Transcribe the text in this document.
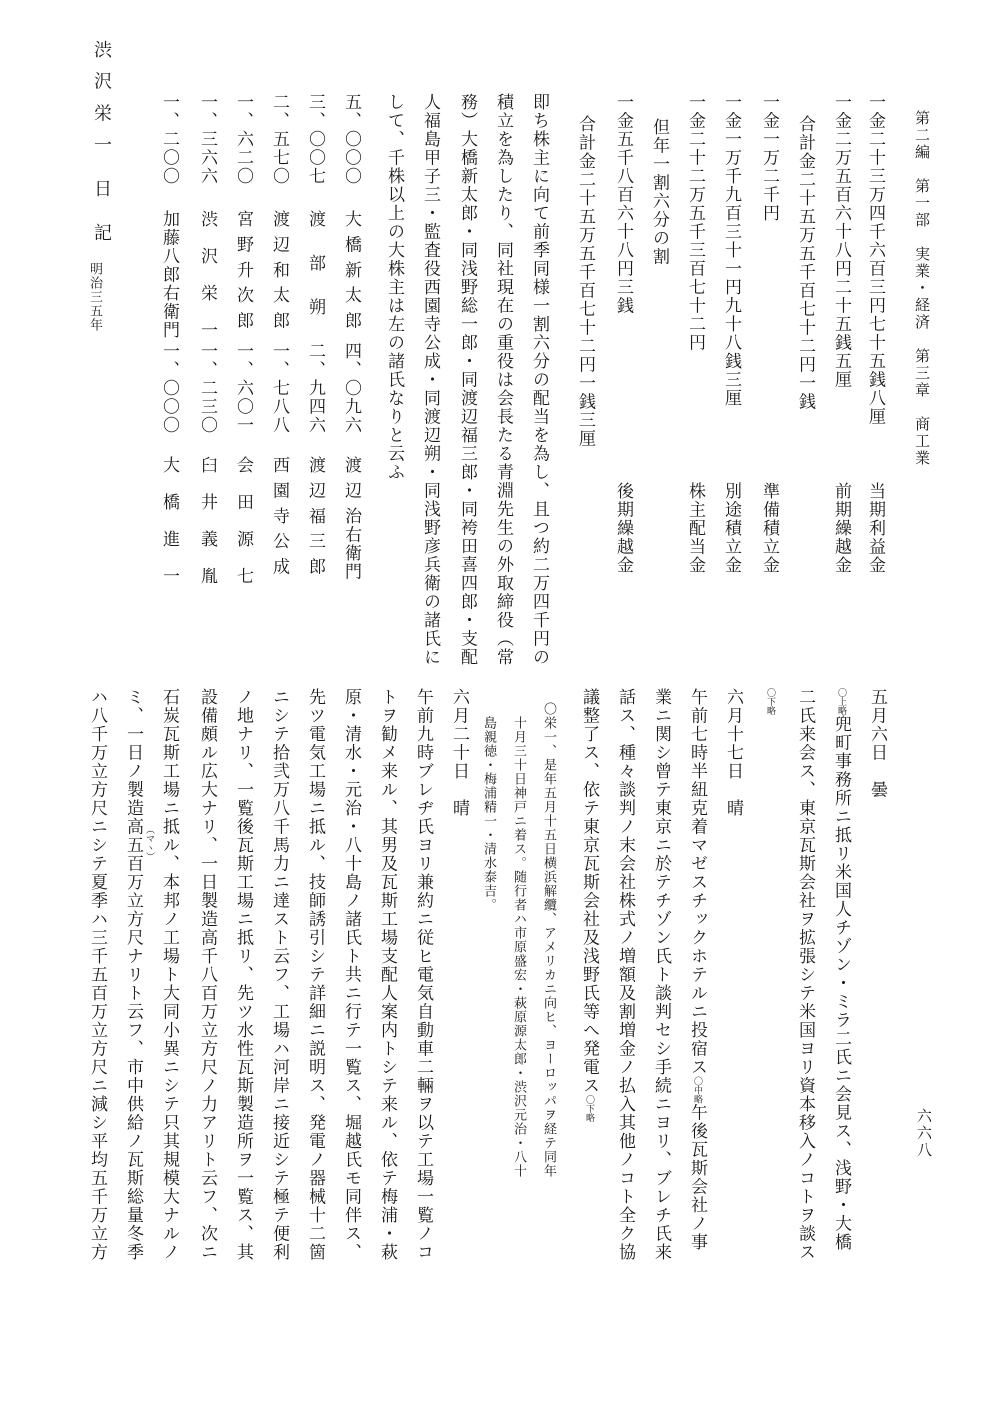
第二編　第一部　実業・経済　第三章　商工業
六六八
一金二十三万四千六百三円七十五銭八厘
当期利益金
一金二万五百六十八円二十五銭五厘
前期繰越金
合計金二十五万五千百七十二円一銭
一金一万二千円
準備積立金
一金一万千九百三十一円九十八銭三厘
別途積立金
一金二十二万五千三百七十二円
株主配当金
但年一割六分の割
一金五千八百六十八円三銭
後期繰越金
合計金二十五万五千百七十二円一銭三厘
即ち株主に向て前季同様一割六分の配当を為し、且つ約二万四千円の
積立を為したり、同社現在の重役は会長たる青淵先生の外取締役（常
務）大橋新太郎・同浅野総一郎・同渡辺福三郎・同袴田喜四郎・支配
人福島甲子三・監査役西園寺公成・同渡辺朔・同浅野彦兵衛の諸氏に
して、千株以上の大株主は左の諸氏なりと云ふ
五、〇〇〇
大 橋 新 太 郎
四、〇九六
渡 辺 治右衛門
三、〇〇七
渡　 部　 朔
二、九四六
渡 辺 福 三 郎
二、五七〇
渡 辺 和 太 郎
一、七八八
西 園 寺 公 成
一、六二〇
宮 野 升 次 郎
一、六〇一
会　田　源　七
一、三六六
渋　沢　栄　一
一、二三〇
臼　井　義　胤
一、二〇〇
加藤八郎右衛門
一、〇〇〇
大　橋　進　一
渋 沢 栄 一　日　記
明治三五年
五月六日　曇
〇上略兜町事務所ニ抵リ米国人チゾン・ミラ二氏ニ会見ス、浅野・大橋
二氏来会ス、東京瓦斯会社ヲ拡張シテ米国ヨリ資本移入ノコトヲ談ス
〇下略
六月十七日　晴
午前七時半紐克着マゼスチックホテルニ投宿ス〇中略午後瓦斯会社ノ事
業ニ関シ曾テ東京ニ於テチゾン氏ト談判セシ手続ニヨリ、ブレチ氏来
話ス、種々談判ノ末会社株式ノ増額及割増金ノ払入其他ノコト全ク協
議整了ス、依テ東京瓦斯会社及浅野氏等へ発電ス〇下略
〇栄一、是年五月十五日横浜解纜、アメリカニ向ヒ、ヨーロッパヲ経テ同年
十月三十日神戸ニ着ス。随行者ハ市原盛宏・萩原源太郎・渋沢元治・八十
島親徳・梅浦精一・清水泰吉。
六月二十日　晴
午前九時ブレヂ氏ヨリ兼約ニ従ヒ電気自動車二輛ヲ以テ工場一覧ノコ
トヲ勧メ来ル、其男及瓦斯工場支配人案内トシテ来ル、依テ梅浦・萩
原・清水・元治・八十島ノ諸氏ト共ニ行テ一覧ス、堀越氏モ同伴ス、
先ツ電気工場ニ抵ル、技師誘引シテ詳細ニ説明ス、発電ノ器械十二箇
ニシテ拾弐万八千馬力ニ達スト云フ、工場ハ河岸ニ接近シテ極テ便利
ノ地ナリ、一覧後瓦斯工場ニ抵リ、先ツ水性瓦斯製造所ヲ一覧ス、其
設備頗ル広大ナリ、一日製造高千八百万立方尺ノ力アリト云フ、次ニ
石炭瓦斯工場ニ抵ル、本邦ノ工場ト大同小異ニシテ只其規模大ナルノ
ミ、一日ノ製造高五百万立方尺ナリト云フ、市中供給ノ瓦斯総量冬季 （マヽ）
ハ八千万立方尺ニシテ夏季ハ三千五百万立方尺ニ減シ平均五千万立方
